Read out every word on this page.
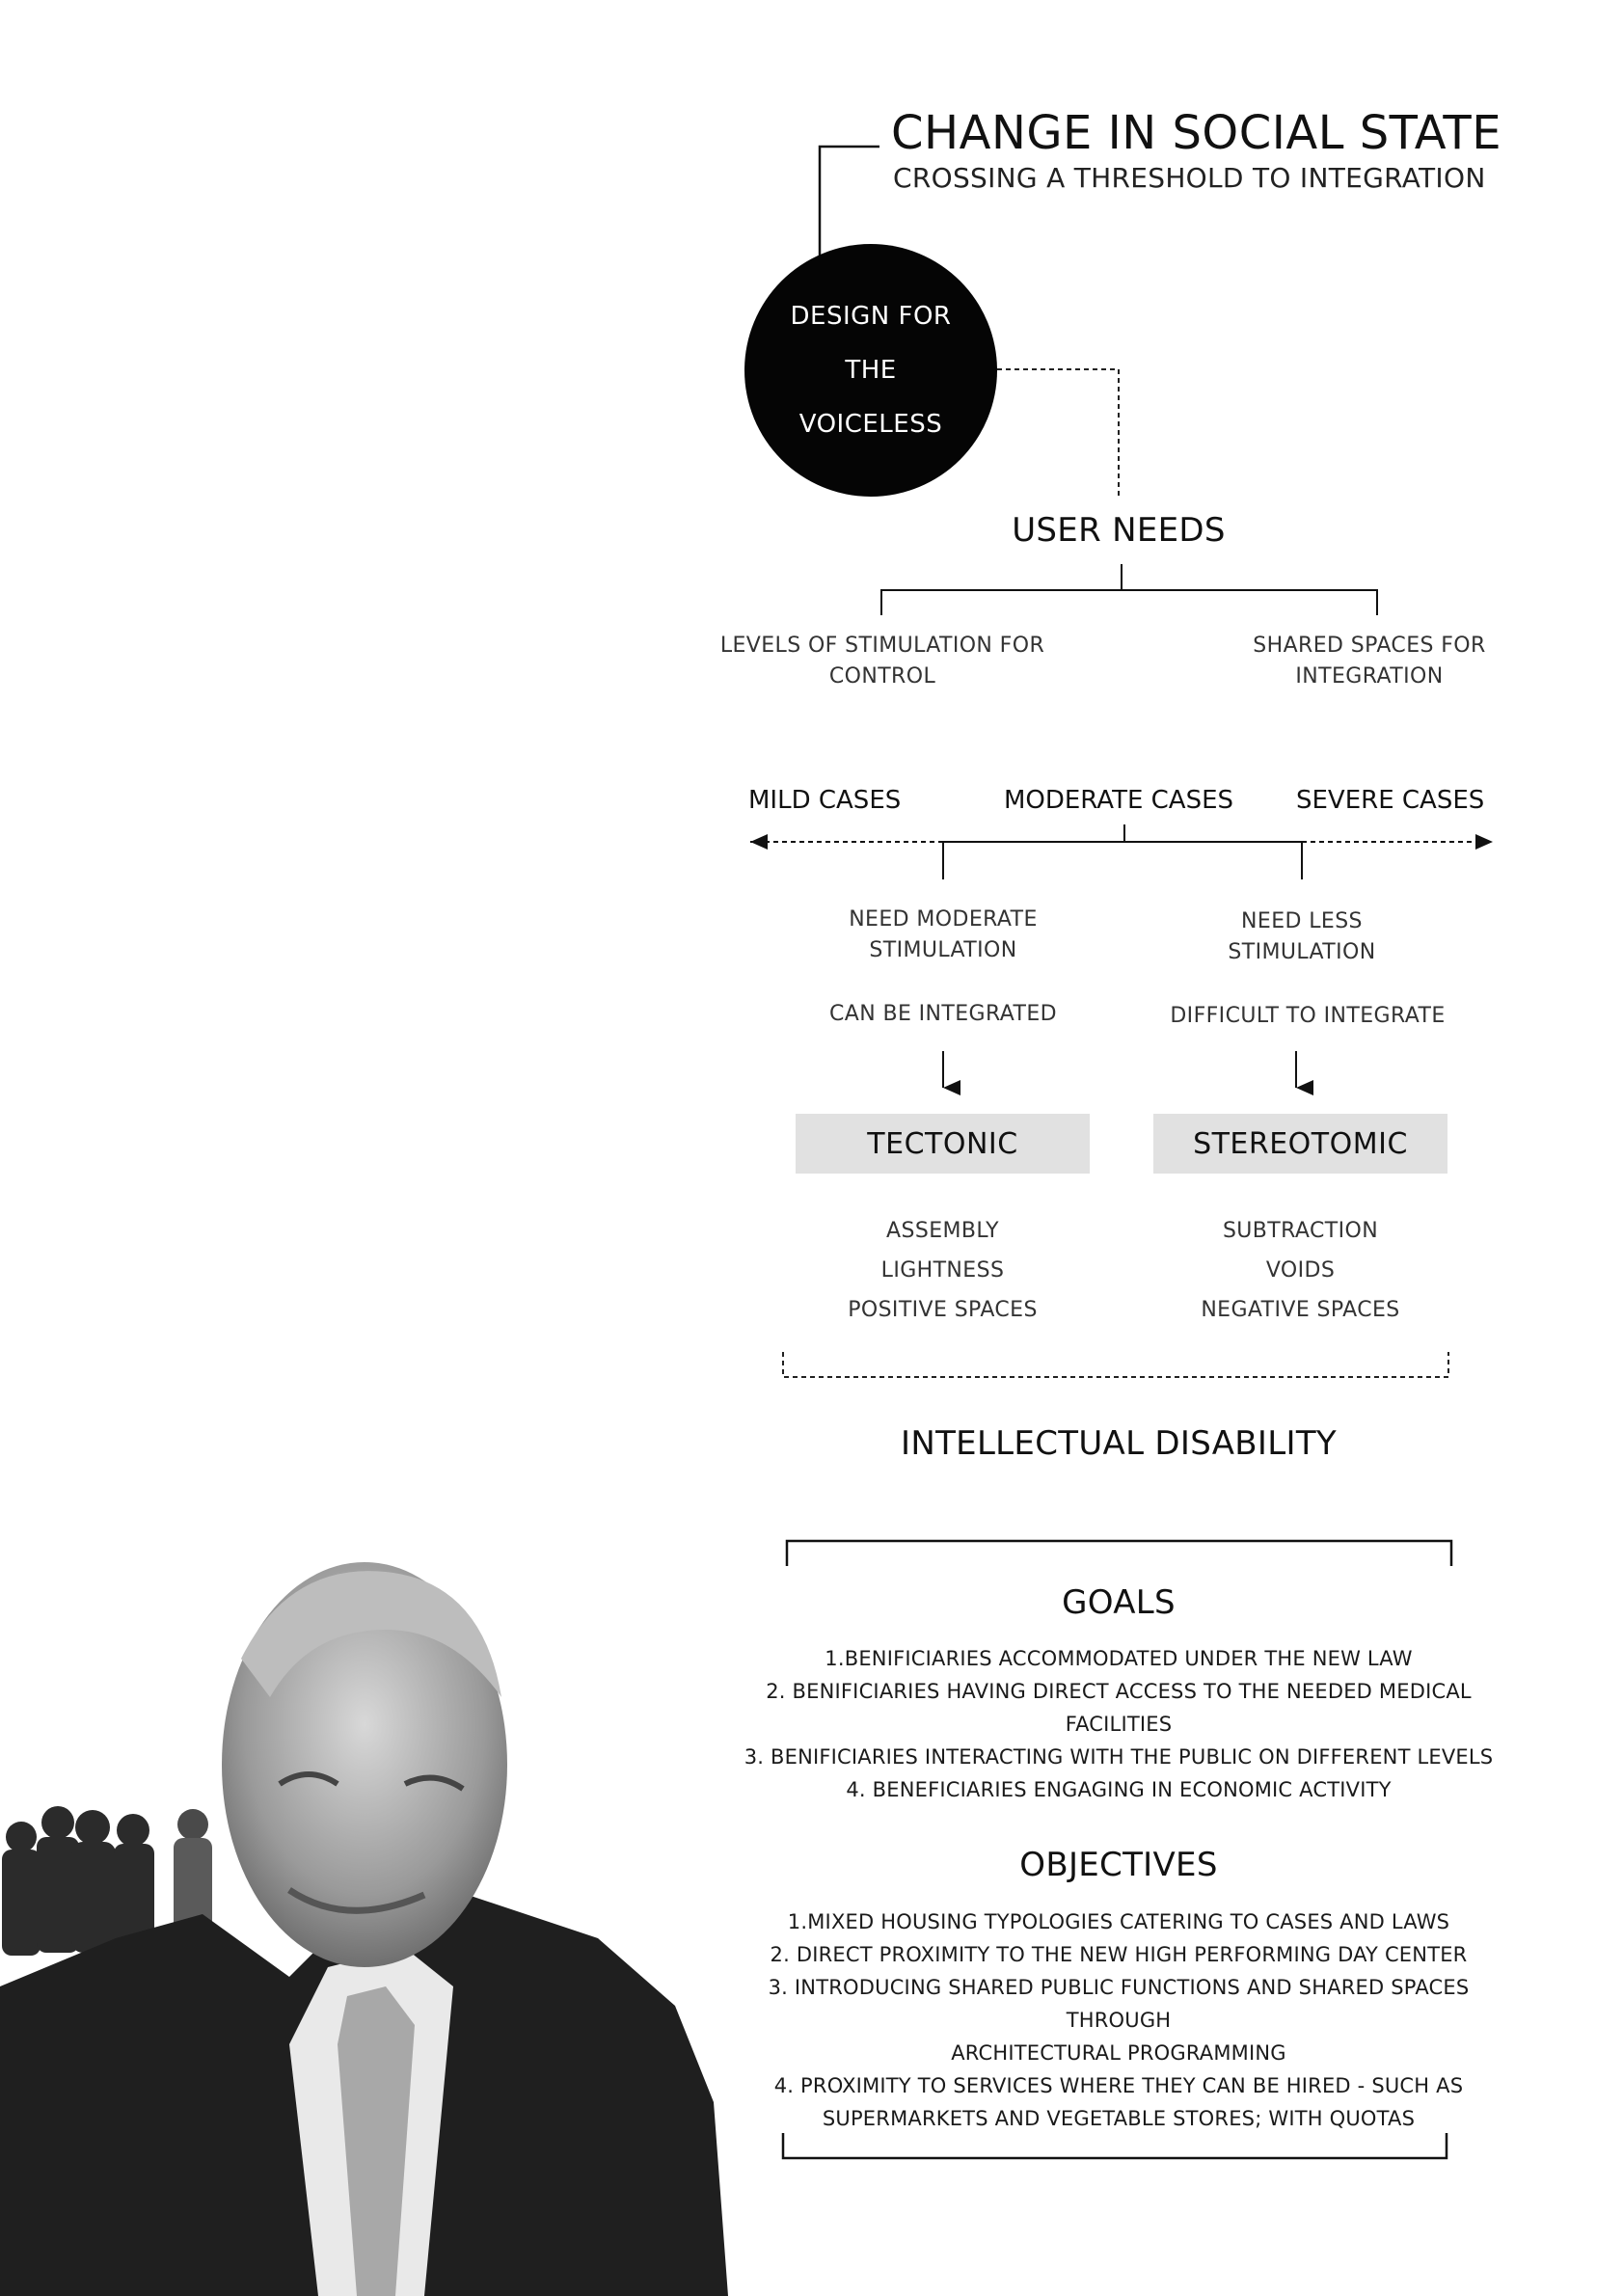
CHANGE IN SOCIAL STATE
CROSSING A THRESHOLD TO INTEGRATION
DESIGN FOR
THE
VOICELESS
USER NEEDS
LEVELS OF STIMULATION FOR
CONTROL
SHARED SPACES FOR
INTEGRATION
MILD CASES	MODERATE CASES	SEVERE CASES
NEED MODERATE
STIMULATION
CAN BE INTEGRATED
NEED LESS
STIMULATION
DIFFICULT TO INTEGRATE
TECTONIC	STEREOTOMIC
ASSEMBLY
LIGHTNESS
POSITIVE SPACES
SUBTRACTION
VOIDS
NEGATIVE SPACES
INTELLECTUAL DISABILITY
GOALS
1.BENIFICIARIES ACCOMMODATED UNDER THE NEW LAW
2. BENIFICIARIES HAVING DIRECT ACCESS TO THE NEEDED MEDICAL
FACILITIES
3. BENIFICIARIES INTERACTING WITH THE PUBLIC ON DIFFERENT LEVELS
4. BENEFICIARIES ENGAGING IN ECONOMIC ACTIVITY
OBJECTIVES
1.MIXED HOUSING TYPOLOGIES CATERING TO CASES AND LAWS
2. DIRECT PROXIMITY TO THE NEW HIGH PERFORMING DAY CENTER
3. INTRODUCING SHARED PUBLIC FUNCTIONS AND SHARED SPACES THROUGH
ARCHITECTURAL PROGRAMMING
4. PROXIMITY TO SERVICES WHERE THEY CAN BE HIRED - SUCH AS
SUPERMARKETS AND VEGETABLE STORES; WITH QUOTAS
